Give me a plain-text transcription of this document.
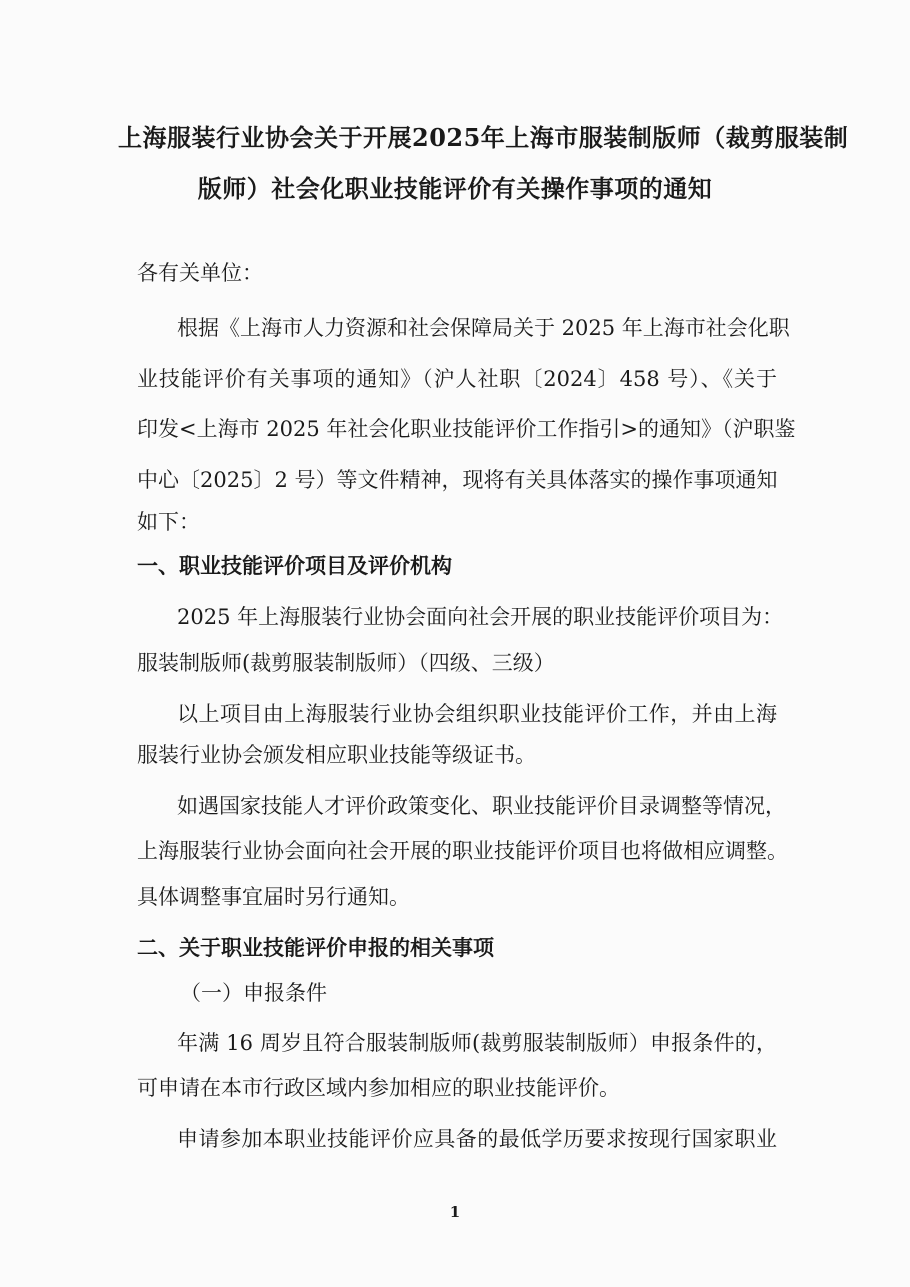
上海服装行业协会关于开展2025年上海市服装制版师（裁剪服装制
版师）社会化职业技能评价有关操作事项的通知
各有关单位：
根据《上海市人力资源和社会保障局关于 2025 年上海市社会化职
业技能评价有关事项的通知》（沪人社职〔2024〕458 号）、《关于
印发<上海市 2025 年社会化职业技能评价工作指引>的通知》（沪职鉴
中心〔2025〕2 号）等文件精神，现将有关具体落实的操作事项通知
如下：
一、职业技能评价项目及评价机构
2025 年上海服装行业协会面向社会开展的职业技能评价项目为：
服装制版师(裁剪服装制版师）（四级、三级）
以上项目由上海服装行业协会组织职业技能评价工作，并由上海
服装行业协会颁发相应职业技能等级证书。
如遇国家技能人才评价政策变化、职业技能评价目录调整等情况，
上海服装行业协会面向社会开展的职业技能评价项目也将做相应调整。
具体调整事宜届时另行通知。
二、关于职业技能评价申报的相关事项
（一）申报条件
年满 16 周岁且符合服装制版师(裁剪服装制版师）申报条件的，
可申请在本市行政区域内参加相应的职业技能评价。
申请参加本职业技能评价应具备的最低学历要求按现行国家职业
1
